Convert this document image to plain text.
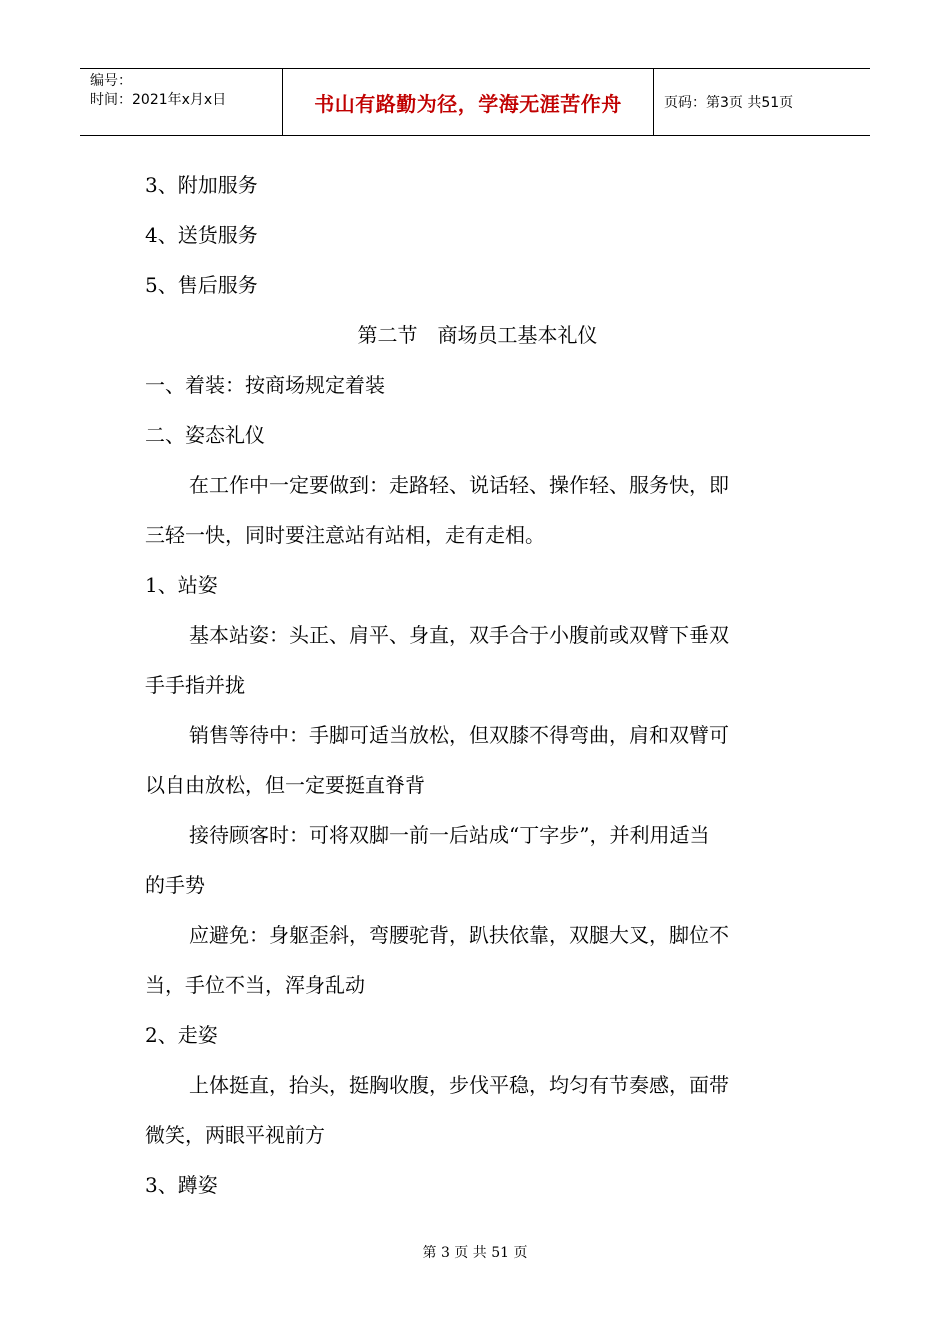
编号：
时间：2021年x月x日	书山有路勤为径，学海无涯苦作舟	页码：第3页 共51页
3、附加服务
4、送货服务
5、售后服务
第二节　商场员工基本礼仪
一、着装：按商场规定着装
二、姿态礼仪
在工作中一定要做到：走路轻、说话轻、操作轻、服务快，即
三轻一快，同时要注意站有站相，走有走相。
1、站姿
基本站姿：头正、肩平、身直，双手合于小腹前或双臂下垂双
手手指并拢
销售等待中：手脚可适当放松，但双膝不得弯曲，肩和双臂可
以自由放松，但一定要挺直脊背
接待顾客时：可将双脚一前一后站成“丁字步”，并利用适当
的手势
应避免：身躯歪斜，弯腰驼背，趴扶依靠，双腿大叉，脚位不
当，手位不当，浑身乱动
2、走姿
上体挺直，抬头，挺胸收腹，步伐平稳，均匀有节奏感，面带
微笑，两眼平视前方
3、蹲姿
第 3 页 共 51 页
